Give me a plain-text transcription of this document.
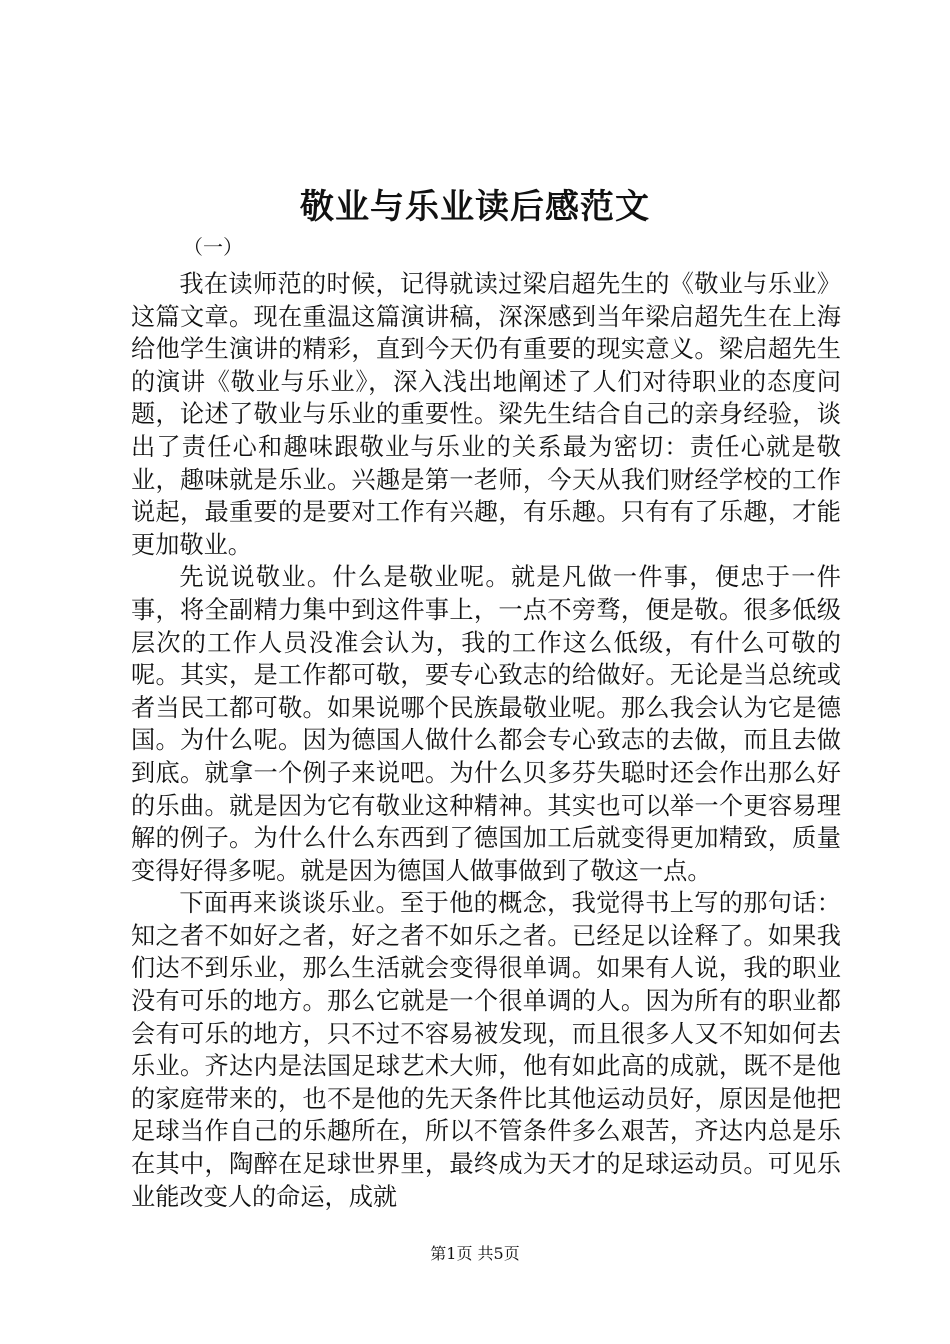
敬业与乐业读后感范文
（一）

我在读师范的时候，记得就读过梁启超先生的《敬业与乐业》这篇文章。现在重温这篇演讲稿，深深感到当年梁启超先生在上海给他学生演讲的精彩，直到今天仍有重要的现实意义。梁启超先生的演讲《敬业与乐业》，深入浅出地阐述了人们对待职业的态度问题，论述了敬业与乐业的重要性。梁先生结合自己的亲身经验，谈出了责任心和趣味跟敬业与乐业的关系最为密切：责任心就是敬业，趣味就是乐业。兴趣是第一老师，今天从我们财经学校的工作说起，最重要的是要对工作有兴趣，有乐趣。只有有了乐趣，才能更加敬业。

先说说敬业。什么是敬业呢。就是凡做一件事，便忠于一件事，将全副精力集中到这件事上，一点不旁骛，便是敬。很多低级层次的工作人员没准会认为，我的工作这么低级，有什么可敬的呢。其实，是工作都可敬，要专心致志的给做好。无论是当总统或者当民工都可敬。如果说哪个民族最敬业呢。那么我会认为它是德国。为什么呢。因为德国人做什么都会专心致志的去做，而且去做到底。就拿一个例子来说吧。为什么贝多芬失聪时还会作出那么好的乐曲。就是因为它有敬业这种精神。其实也可以举一个更容易理解的例子。为什么什么东西到了德国加工后就变得更加精致，质量变得好得多呢。就是因为德国人做事做到了敬这一点。

下面再来谈谈乐业。至于他的概念，我觉得书上写的那句话：知之者不如好之者，好之者不如乐之者。已经足以诠释了。如果我们达不到乐业，那么生活就会变得很单调。如果有人说，我的职业没有可乐的地方。那么它就是一个很单调的人。因为所有的职业都会有可乐的地方，只不过不容易被发现，而且很多人又不知如何去乐业。齐达内是法国足球艺术大师，他有如此高的成就，既不是他的家庭带来的，也不是他的先天条件比其他运动员好，原因是他把足球当作自己的乐趣所在，所以不管条件多么艰苦，齐达内总是乐在其中，陶醉在足球世界里，最终成为天才的足球运动员。可见乐业能改变人的命运，成就

第1页 共5页
